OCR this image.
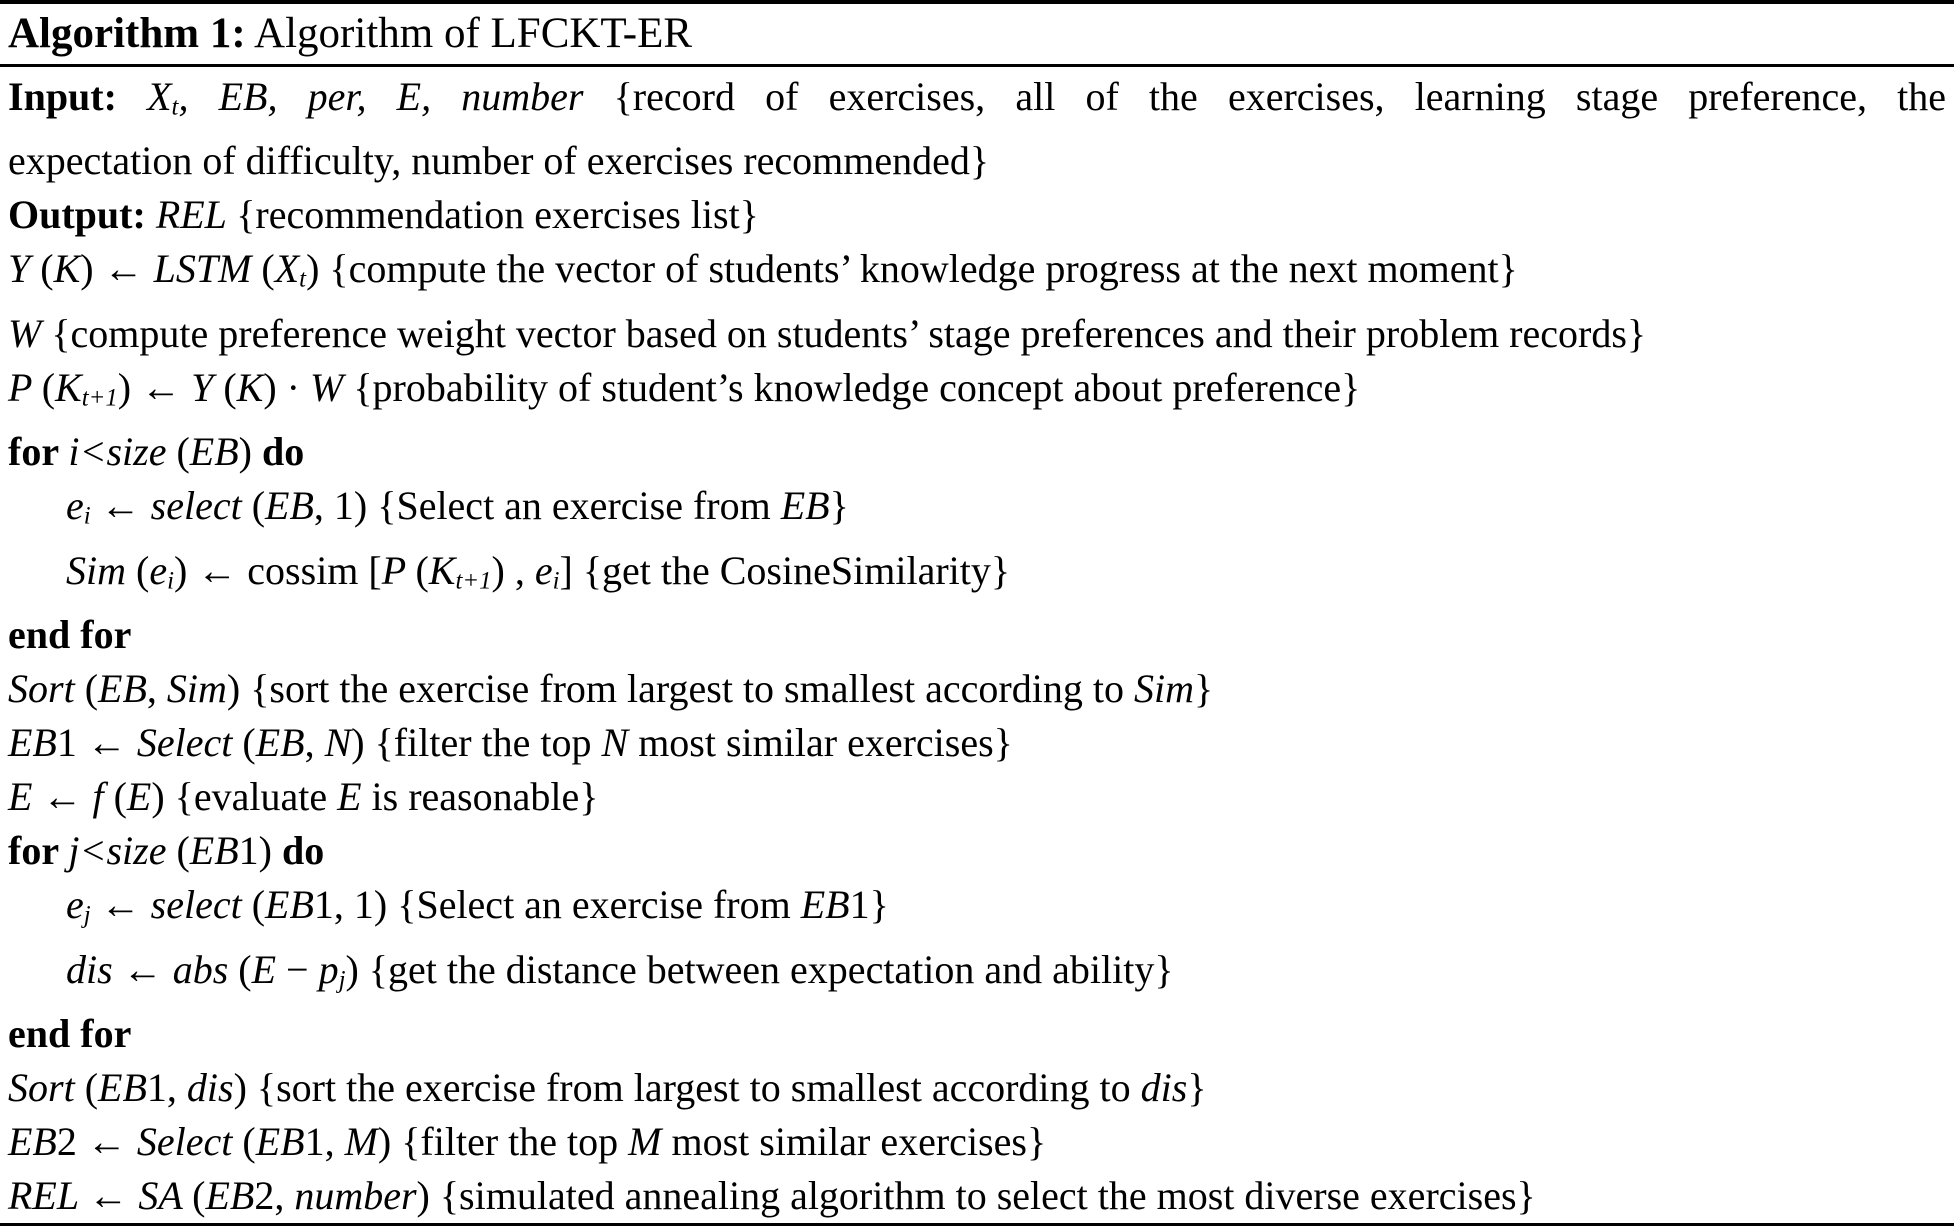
Algorithm 1: Algorithm of LFCKT-ER
Input: Xt, EB, per, E, number {record of exercises, all of the exercises, learning stage preference, the
expectation of difficulty, number of exercises recommended}
Output: REL {recommendation exercises list}
Y (K) ← LSTM (Xt) {compute the vector of students’ knowledge progress at the next moment}
W {compute preference weight vector based on students’ stage preferences and their problem records}
P (Kt+1) ← Y (K) · W {probability of student’s knowledge concept about preference}
for i<size (EB) do
ei ← select (EB, 1) {Select an exercise from EB}
Sim (ei) ← cossim [P (Kt+1) , ei] {get the CosineSimilarity}
end for
Sort (EB, Sim) {sort the exercise from largest to smallest according to Sim}
EB1 ← Select (EB, N) {filter the top N most similar exercises}
E ← f (E) {evaluate E is reasonable}
for j<size (EB1) do
ej ← select (EB1, 1) {Select an exercise from EB1}
dis ← abs (E − pj) {get the distance between expectation and ability}
end for
Sort (EB1, dis) {sort the exercise from largest to smallest according to dis}
EB2 ← Select (EB1, M) {filter the top M most similar exercises}
REL ← SA (EB2, number) {simulated annealing algorithm to select the most diverse exercises}
